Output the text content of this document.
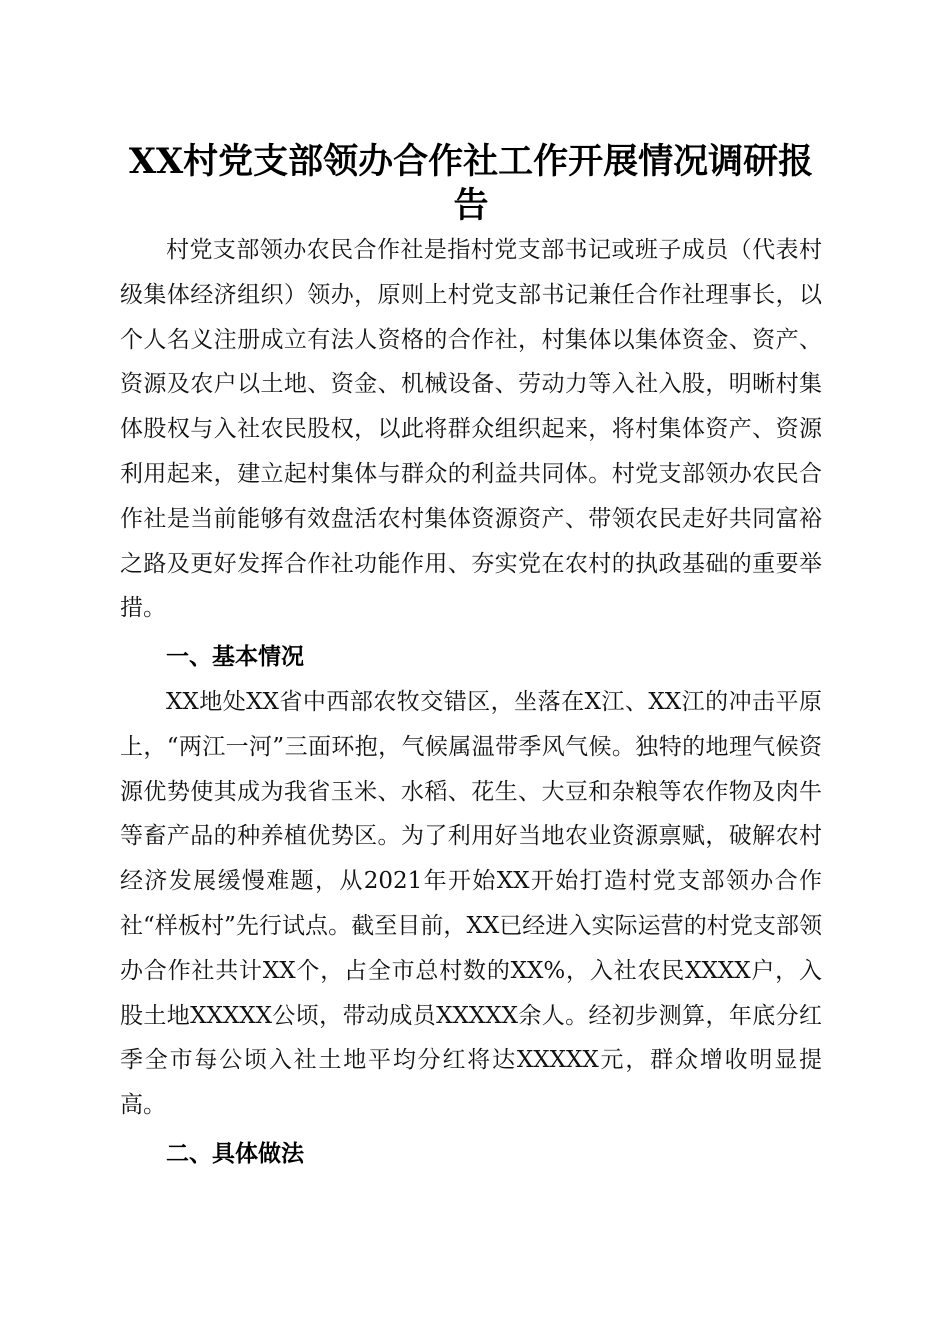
XX村党支部领办合作社工作开展情况调研报告

村党支部领办农民合作社是指村党支部书记或班子成员（代表村级集体经济组织）领办，原则上村党支部书记兼任合作社理事长，以个人名义注册成立有法人资格的合作社，村集体以集体资金、资产、资源及农户以土地、资金、机械设备、劳动力等入社入股，明晰村集体股权与入社农民股权，以此将群众组织起来，将村集体资产、资源利用起来，建立起村集体与群众的利益共同体。村党支部领办农民合作社是当前能够有效盘活农村集体资源资产、带领农民走好共同富裕之路及更好发挥合作社功能作用、夯实党在农村的执政基础的重要举措。

一、基本情况

XX地处XX省中西部农牧交错区，坐落在X江、XX江的冲击平原上，“两江一河”三面环抱，气候属温带季风气候。独特的地理气候资源优势使其成为我省玉米、水稻、花生、大豆和杂粮等农作物及肉牛等畜产品的种养植优势区。为了利用好当地农业资源禀赋，破解农村经济发展缓慢难题，从2021年开始XX开始打造村党支部领办合作社“样板村”先行试点。截至目前，XX已经进入实际运营的村党支部领办合作社共计XX个，占全市总村数的XX%，入社农民XXXX户，入股土地XXXXX公顷，带动成员XXXXX余人。经初步测算，年底分红季全市每公顷入社土地平均分红将达XXXXX元，群众增收明显提高。

二、具体做法
